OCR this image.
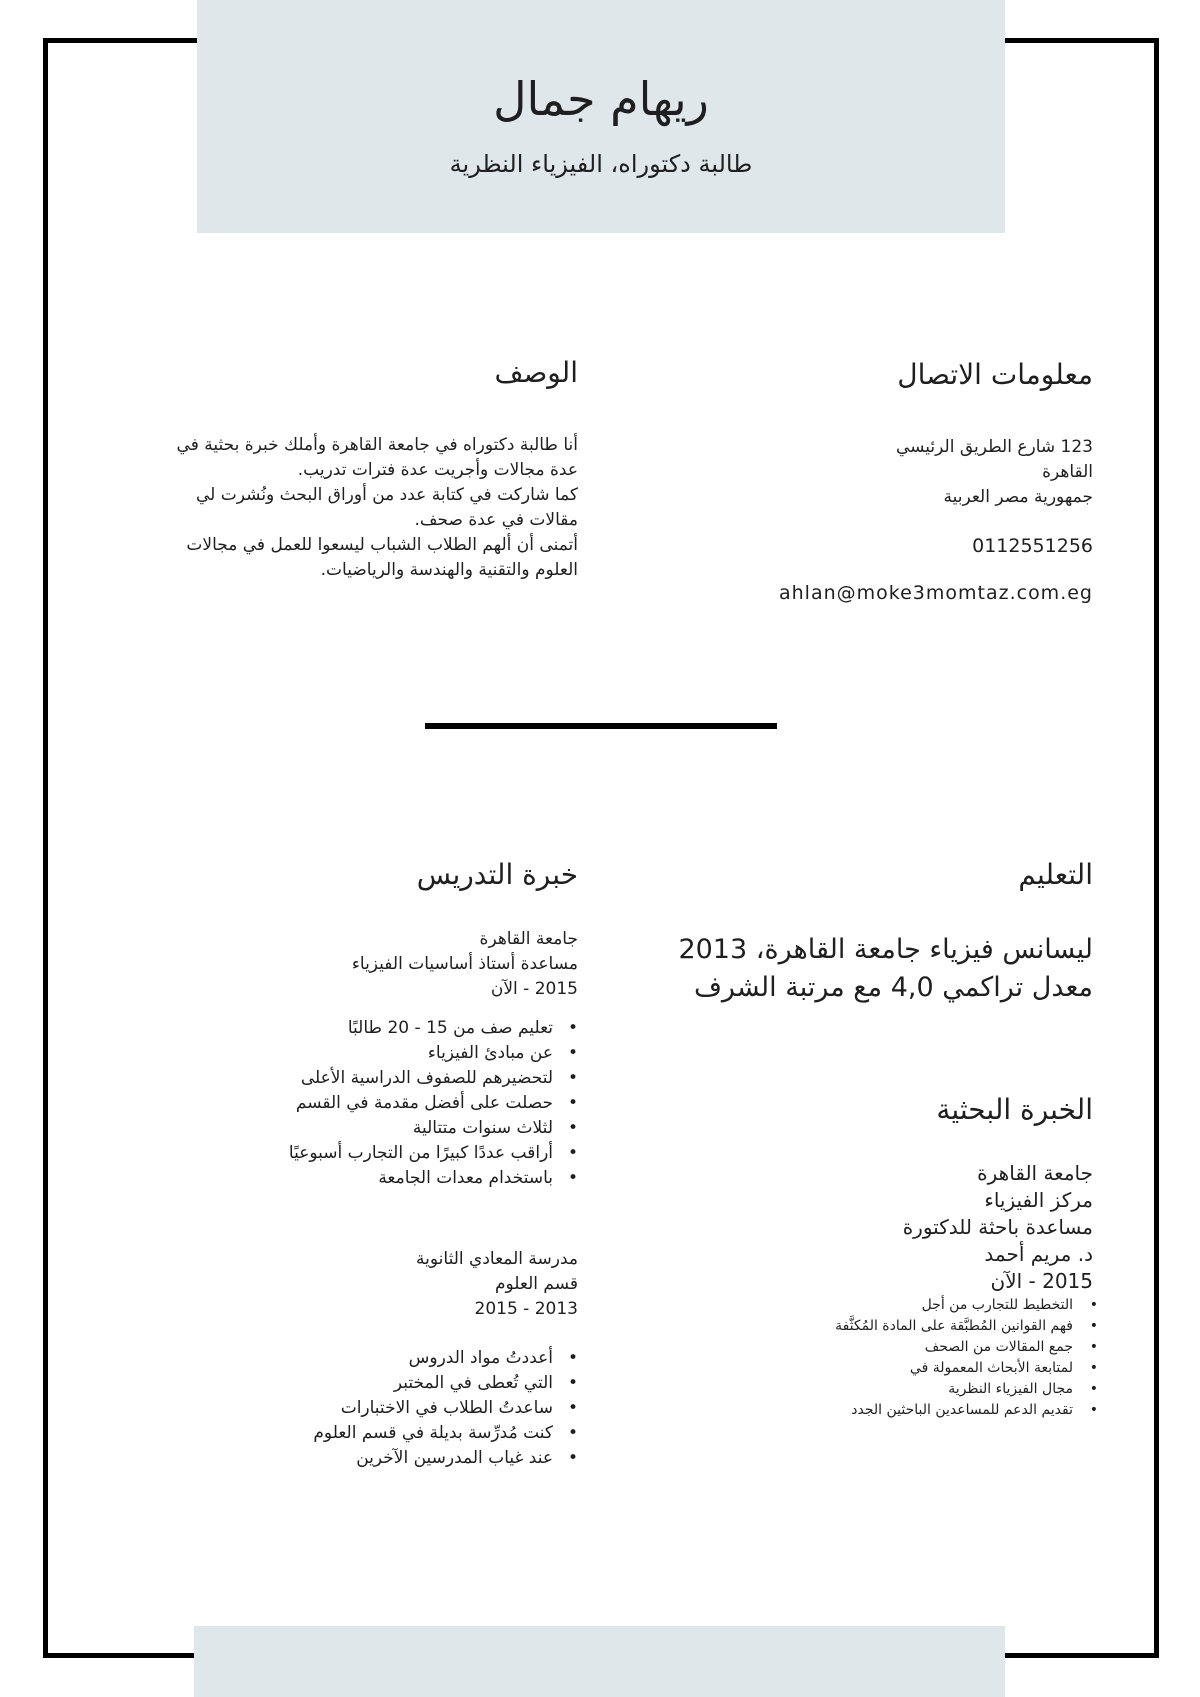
ريهام جمال

طالبة دكتوراه، الفيزياء النظرية

معلومات الاتصال
123 شارع الطريق الرئيسي
القاهرة
جمهورية مصر العربية
0112551256
ahlan@moke3momtaz.com.eg
الوصف
أنا طالبة دكتوراه في جامعة القاهرة وأملك خبرة بحثية في
عدة مجالات وأجريت عدة فترات تدريب.
كما شاركت في كتابة عدد من أوراق البحث ونُشرت لي
مقالات في عدة صحف.
أتمنى أن ألهم الطلاب الشباب ليسعوا للعمل في مجالات
العلوم والتقنية والهندسة والرياضيات.
التعليم
ليسانس فيزياء جامعة القاهرة، 2013
معدل تراكمي 4,0 مع مرتبة الشرف
الخبرة البحثية
جامعة القاهرة
مركز الفيزياء
مساعدة باحثة للدكتورة
د. مريم أحمد
2015 - الآن
• التخطيط للتجارب من أجل
• فهم القوانين المُطبَّقة على المادة المُكثَّفة
• جمع المقالات من الصحف
• لمتابعة الأبحاث المعمولة في
• مجال الفيزياء النظرية
• تقديم الدعم للمساعدين الباحثين الجدد
خبرة التدريس
جامعة القاهرة
مساعدة أستاذ أساسيات الفيزياء
2015 - الآن
• تعليم صف من 15 - 20 طالبًا
• عن مبادئ الفيزياء
• لتحضيرهم للصفوف الدراسية الأعلى
• حصلت على أفضل مقدمة في القسم
• لثلاث سنوات متتالية
• أراقب عددًا كبيرًا من التجارب أسبوعيًا
• باستخدام معدات الجامعة
مدرسة المعادي الثانوية
قسم العلوم
2013 - 2015
• أعددتُ مواد الدروس
• التي تُعطى في المختبر
• ساعدتُ الطلاب في الاختبارات
• كنت مُدرِّسة بديلة في قسم العلوم
• عند غياب المدرسين الآخرين
